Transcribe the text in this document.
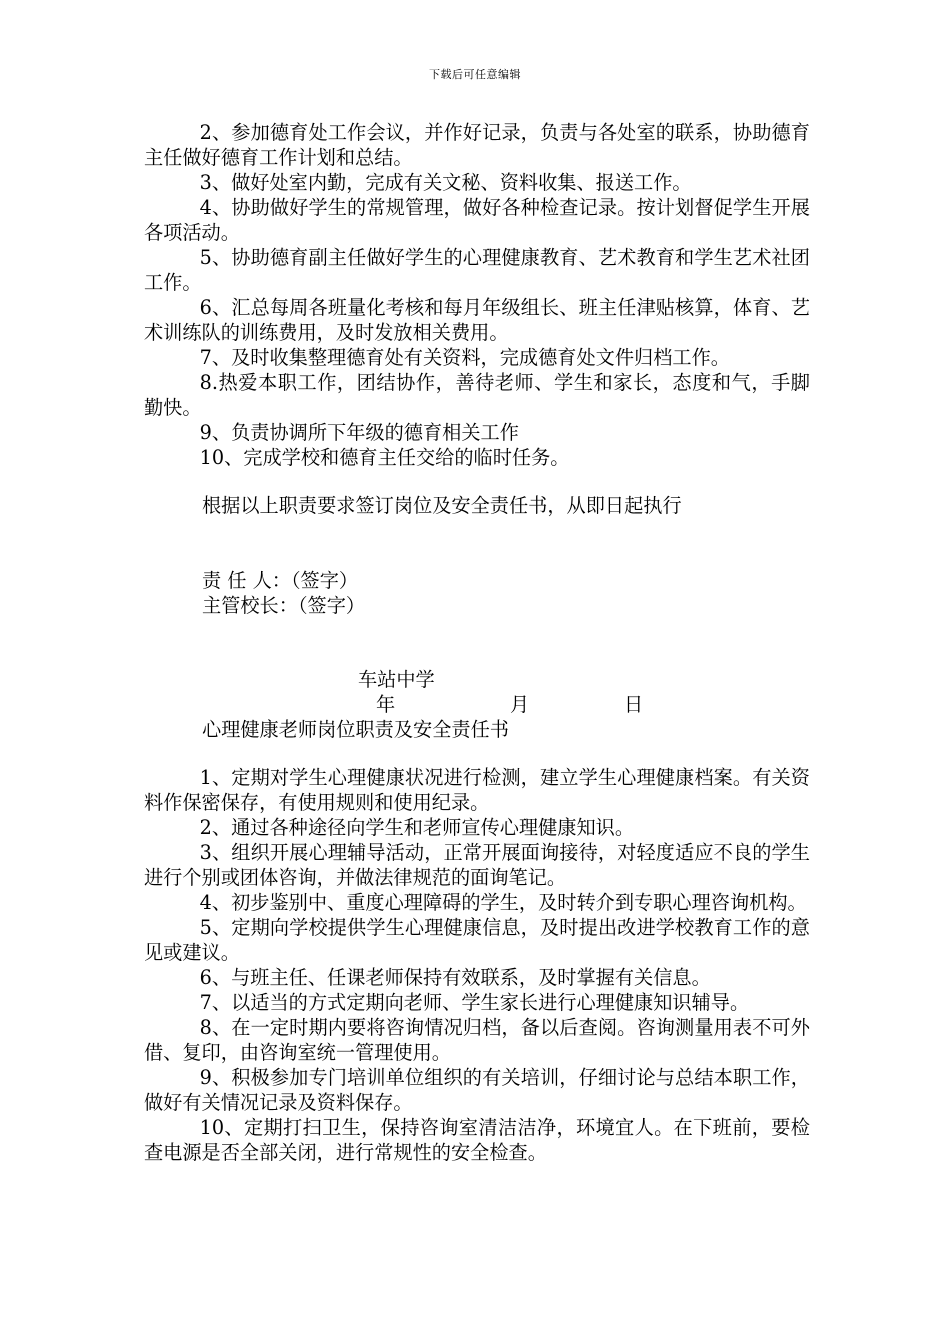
下载后可任意编辑

2、参加德育处工作会议，并作好记录，负责与各处室的联系，协助德育主任做好德育工作计划和总结。

3、做好处室内勤，完成有关文秘、资料收集、报送工作。

4、协助做好学生的常规管理，做好各种检查记录。按计划督促学生开展各项活动。

5、协助德育副主任做好学生的心理健康教育、艺术教育和学生艺术社团工作。

6、汇总每周各班量化考核和每月年级组长、班主任津贴核算，体育、艺术训练队的训练费用，及时发放相关费用。

7、及时收集整理德育处有关资料，完成德育处文件归档工作。

8.热爱本职工作，团结协作，善待老师、学生和家长，态度和气，手脚勤快。

9、负责协调所下年级的德育相关工作

10、完成学校和德育主任交给的临时任务。

根据以上职责要求签订岗位及安全责任书，从即日起执行

责 任 人：（签字）

主管校长：（签字）

车站中学

年	月	日

心理健康老师岗位职责及安全责任书

1、定期对学生心理健康状况进行检测，建立学生心理健康档案。有关资料作保密保存，有使用规则和使用纪录。

2、通过各种途径向学生和老师宣传心理健康知识。

3、组织开展心理辅导活动，正常开展面询接待，对轻度适应不良的学生进行个别或团体咨询，并做法律规范的面询笔记。

4、初步鉴别中、重度心理障碍的学生，及时转介到专职心理咨询机构。

5、定期向学校提供学生心理健康信息，及时提出改进学校教育工作的意见或建议。

6、与班主任、任课老师保持有效联系，及时掌握有关信息。

7、以适当的方式定期向老师、学生家长进行心理健康知识辅导。

8、在一定时期内要将咨询情况归档，备以后查阅。咨询测量用表不可外借、复印，由咨询室统一管理使用。

9、积极参加专门培训单位组织的有关培训，仔细讨论与总结本职工作，做好有关情况记录及资料保存。

10、定期打扫卫生，保持咨询室清洁洁净，环境宜人。在下班前，要检查电源是否全部关闭，进行常规性的安全检查。
